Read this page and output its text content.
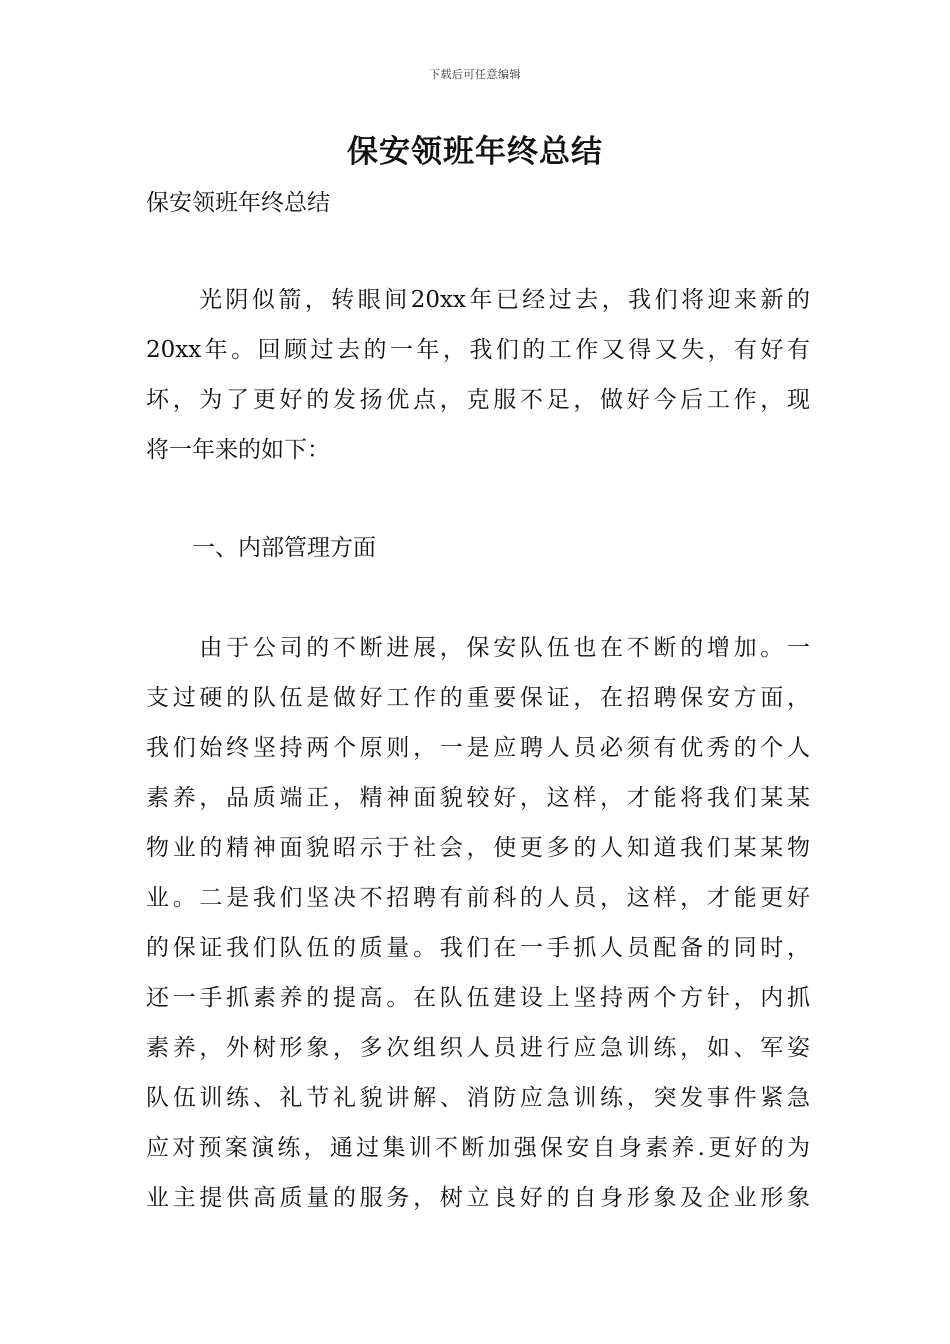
下载后可任意编辑
保安领班年终总结

保安领班年终总结

　　光阴似箭，转眼间20xx年已经过去，我们将迎来新的
20xx年。回顾过去的一年，我们的工作又得又失，有好有
坏，为了更好的发扬优点，克服不足，做好今后工作，现
将一年来的如下：

　　一、内部管理方面

　　由于公司的不断进展，保安队伍也在不断的增加。一
支过硬的队伍是做好工作的重要保证，在招聘保安方面，
我们始终坚持两个原则，一是应聘人员必须有优秀的个人
素养，品质端正，精神面貌较好，这样，才能将我们某某
物业的精神面貌昭示于社会，使更多的人知道我们某某物
业。二是我们坚决不招聘有前科的人员，这样，才能更好
的保证我们队伍的质量。我们在一手抓人员配备的同时，
还一手抓素养的提高。在队伍建设上坚持两个方针，内抓
素养，外树形象，多次组织人员进行应急训练，如、军姿
队伍训练、礼节礼貌讲解、消防应急训练，突发事件紧急
应对预案演练，通过集训不断加强保安自身素养.更好的为
业主提供高质量的服务，树立良好的自身形象及企业形象
